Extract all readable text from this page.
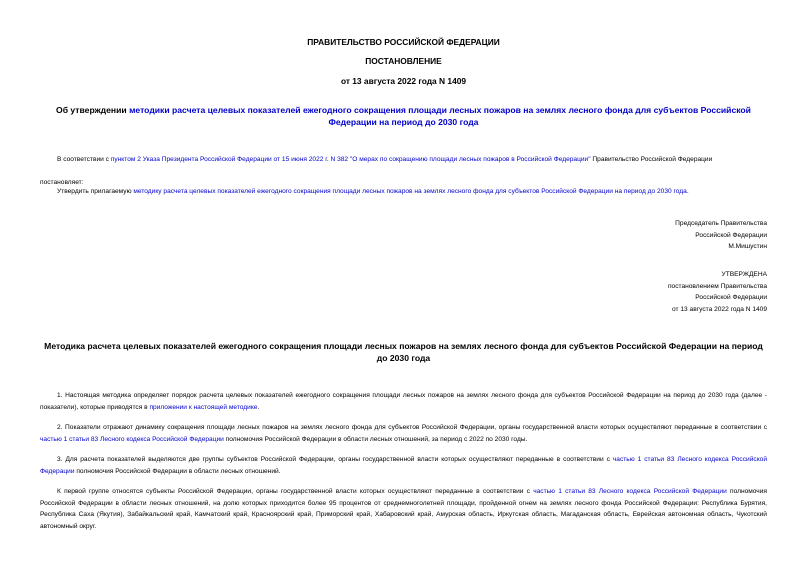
ПРАВИТЕЛЬСТВО РОССИЙСКОЙ ФЕДЕРАЦИИ

ПОСТАНОВЛЕНИЕ

от 13 августа 2022 года N 1409

Об утверждении методики расчета целевых показателей ежегодного сокращения площади лесных пожаров на землях лесного фонда для субъектов Российской Федерации на период до 2030 года

В соответствии с пунктом 2 Указа Президента Российской Федерации от 15 июня 2022 г. N 382 "О мерах по сокращению площади лесных пожаров в Российской Федерации" Правительство Российской Федерации

постановляет:

Утвердить прилагаемую методику расчета целевых показателей ежегодного сокращения площади лесных пожаров на землях лесного фонда для субъектов Российской Федерации на период до 2030 года.

Председатель Правительства
Российской Федерации
М.Мишустин
УТВЕРЖДЕНА
постановлением Правительства
Российской Федерации
от 13 августа 2022 года N 1409

Методика расчета целевых показателей ежегодного сокращения площади лесных пожаров на землях лесного фонда для субъектов Российской Федерации на период до 2030 года

1. Настоящая методика определяет порядок расчета целевых показателей ежегодного сокращения площади лесных пожаров на землях лесного фонда для субъектов Российской Федерации на период до 2030 года (далее - показатели), которые приводятся в приложении к настоящей методике.

2. Показатели отражают динамику сокращения площади лесных пожаров на землях лесного фонда для субъектов Российской Федерации, органы государственной власти которых осуществляют переданные в соответствии с частью 1 статьи 83 Лесного кодекса Российской Федерации полномочия Российской Федерации в области лесных отношений, за период с 2022 по 2030 годы.

3. Для расчета показателей выделяются две группы субъектов Российской Федерации, органы государственной власти которых осуществляют переданные в соответствии с частью 1 статьи 83 Лесного кодекса Российской Федерации полномочия Российской Федерации в области лесных отношений.

К первой группе относятся субъекты Российской Федерации, органы государственной власти которых осуществляют переданные в соответствии с частью 1 статьи 83 Лесного кодекса Российской Федерации полномочия Российской Федерации в области лесных отношений, на долю которых приходится более 95 процентов от среднемноголетней площади, пройденной огнем на землях лесного фонда Российской Федерации: Республика Бурятия, Республика Саха (Якутия), Забайкальский край, Камчатский край, Красноярский край, Приморский край, Хабаровский край, Амурская область, Иркутская область, Магаданская область, Еврейская автономная область, Чукотский автономный округ.
